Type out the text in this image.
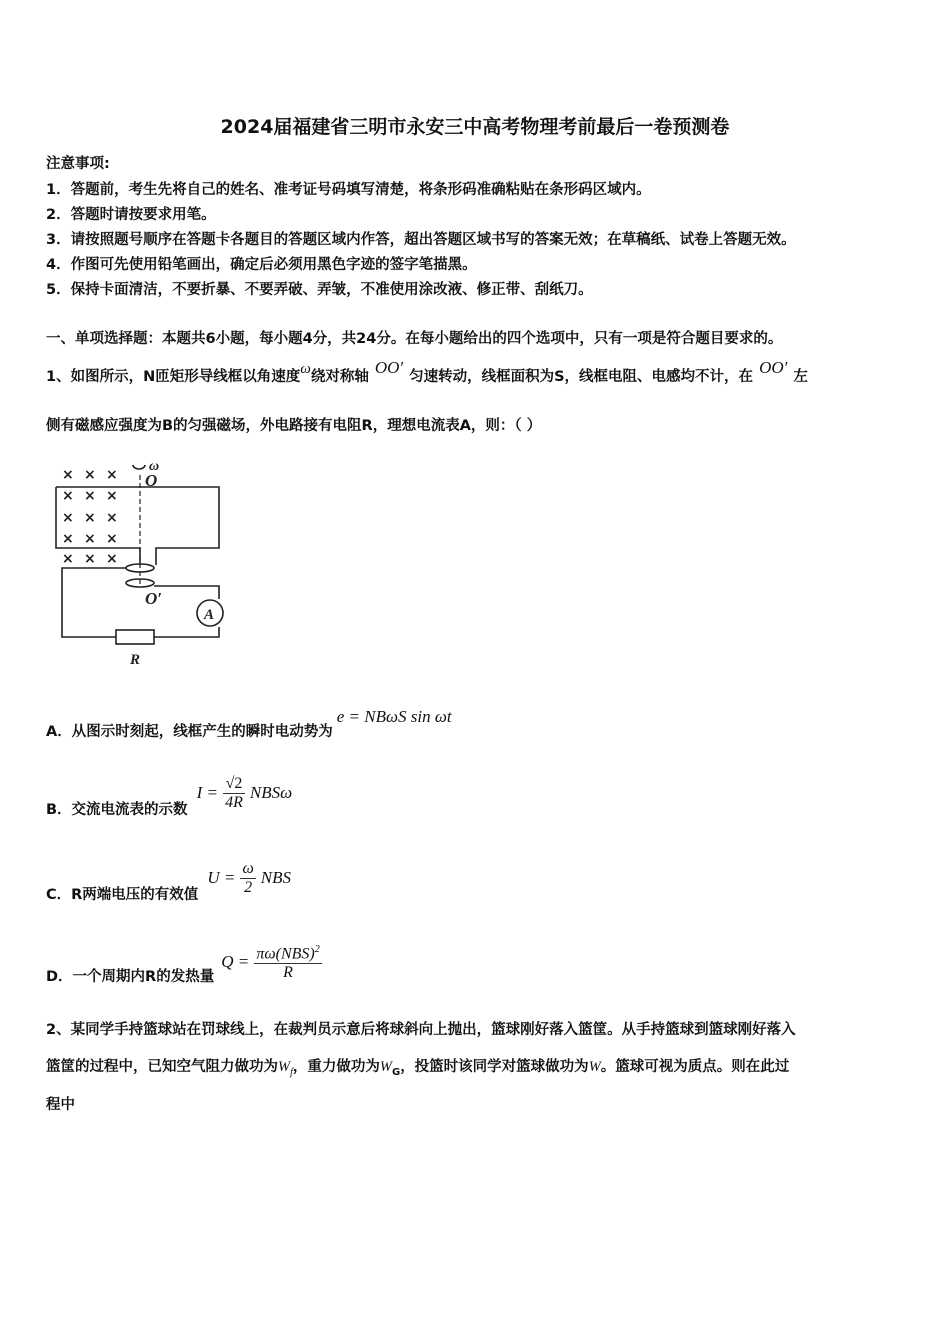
2024届福建省三明市永安三中高考物理考前最后一卷预测卷
注意事项:
1．答题前，考生先将自己的姓名、准考证号码填写清楚，将条形码准确粘贴在条形码区域内。
2．答题时请按要求用笔。
3．请按照题号顺序在答题卡各题目的答题区域内作答，超出答题区域书写的答案无效；在草稿纸、试卷上答题无效。
4．作图可先使用铅笔画出，确定后必须用黑色字迹的签字笔描黑。
5．保持卡面清洁，不要折暴、不要弄破、弄皱，不准使用涂改液、修正带、刮纸刀。
一、单项选择题：本题共6小题，每小题4分，共24分。在每小题给出的四个选项中，只有一项是符合题目要求的。
1、如图所示，N匝矩形导线框以角速度ω绕对称轴 OO′ 匀速转动，线框面积为S，线框电阻、电感均不计，在 OO′ 左
侧有磁感应强度为B的匀强磁场，外电路接有电阻R，理想电流表A，则：（ ）
× × ×
× × ×
× × ×
× × ×
× × ×
O
ω
O′
A
R
A．从图示时刻起，线框产生的瞬时电动势为e = NBωS sin ωt
B．交流电流表的示数 $I = \frac{√2}{4R}$ NBSω
C．R两端电压的有效值 $U = \frac{\omega}{2}$ NBS
D．一个周期内R的发热量 $Q = \frac{\pi\omega(NBS)^2}{R}$
2、某同学手持篮球站在罚球线上，在裁判员示意后将球斜向上抛出，篮球刚好落入篮筐。从手持篮球到篮球刚好落入
篮筐的过程中，已知空气阻力做功为$W_f$，重力做功为$W_G$，投篮时该同学对篮球做功为W。篮球可视为质点。则在此过
程中
